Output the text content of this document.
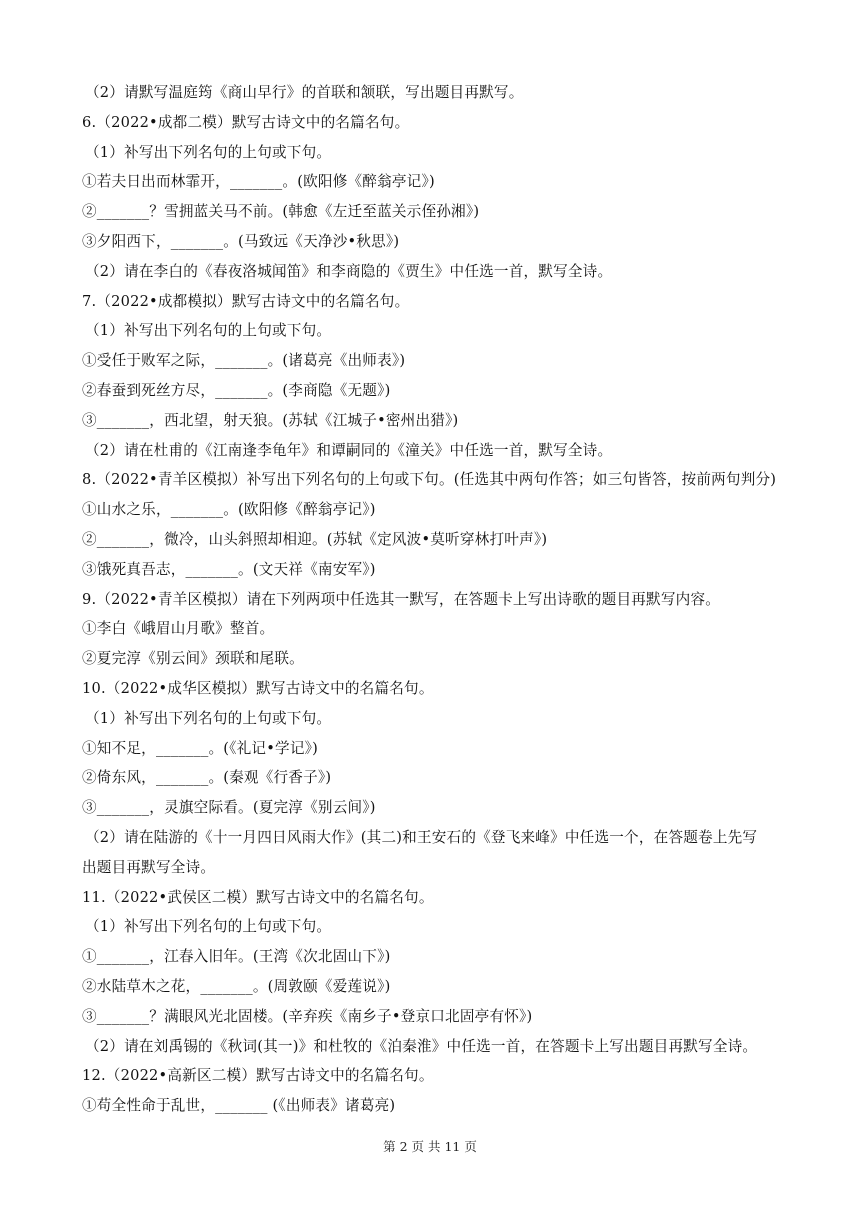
（2）请默写温庭筠《商山早行》的首联和颔联，写出题目再默写。
6.（2022•成都二模）默写古诗文中的名篇名句。
（1）补写出下列名句的上句或下句。
①若夫日出而林霏开，_______。(欧阳修《醉翁亭记》)
②_______？雪拥蓝关马不前。(韩愈《左迁至蓝关示侄孙湘》)
③夕阳西下，_______。(马致远《天净沙•秋思》)
（2）请在李白的《春夜洛城闻笛》和李商隐的《贾生》中任选一首，默写全诗。
7.（2022•成都模拟）默写古诗文中的名篇名句。
（1）补写出下列名句的上句或下句。
①受任于败军之际，_______。(诸葛亮《出师表》)
②春蚕到死丝方尽，_______。(李商隐《无题》)
③_______，西北望，射天狼。(苏轼《江城子•密州出猎》)
（2）请在杜甫的《江南逢李龟年》和谭嗣同的《潼关》中任选一首，默写全诗。
8.（2022•青羊区模拟）补写出下列名句的上句或下句。(任选其中两句作答；如三句皆答，按前两句判分)
①山水之乐，_______。(欧阳修《醉翁亭记》)
②_______，微冷，山头斜照却相迎。(苏轼《定风波•莫听穿林打叶声》)
③饿死真吾志，_______。(文天祥《南安军》)
9.（2022•青羊区模拟）请在下列两项中任选其一默写，在答题卡上写出诗歌的题目再默写内容。
①李白《峨眉山月歌》整首。
②夏完淳《别云间》颈联和尾联。
10.（2022•成华区模拟）默写古诗文中的名篇名句。
（1）补写出下列名句的上句或下句。
①知不足，_______。(《礼记•学记》)
②倚东风，_______。(秦观《行香子》)
③_______，灵旗空际看。(夏完淳《别云间》)
（2）请在陆游的《十一月四日风雨大作》(其二)和王安石的《登飞来峰》中任选一个，在答题卷上先写
出题目再默写全诗。
11.（2022•武侯区二模）默写古诗文中的名篇名句。
（1）补写出下列名句的上句或下句。
①_______，江春入旧年。(王湾《次北固山下》)
②水陆草木之花，_______。(周敦颐《爱莲说》)
③_______？满眼风光北固楼。(辛弃疾《南乡子•登京口北固亭有怀》)
（2）请在刘禹锡的《秋词(其一)》和杜牧的《泊秦淮》中任选一首，在答题卡上写出题目再默写全诗。
12.（2022•高新区二模）默写古诗文中的名篇名句。
①苟全性命于乱世，_______ (《出师表》诸葛亮)
第 2 页 共 11 页
